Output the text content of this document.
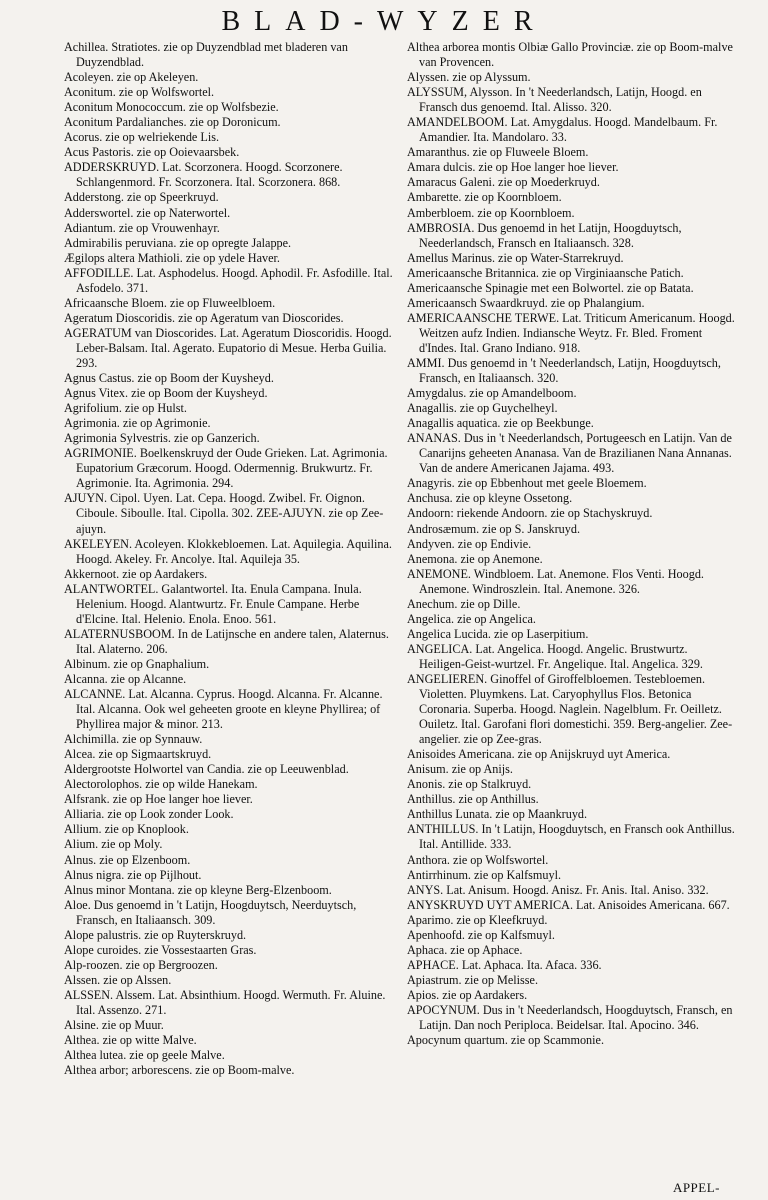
BLAD-WYZER

Achillea. Stratiotes. zie op Duyzendblad met bladeren van Duyzendblad.

Acoleyen. zie op Akeleyen.

Aconitum. zie op Wolfswortel.

Aconitum Monococcum. zie op Wolfsbezie.

Aconitum Pardalianches. zie op Doronicum.

Acorus. zie op welriekende Lis.

Acus Pastoris. zie op Ooievaarsbek.

ADDERSKRUYD. Lat. Scorzonera. Hoogd. Scorzonere. Schlangenmord. Fr. Scorzonera. Ital. Scorzonera. 868.

Adderstong. zie op Speerkruyd.

Adderswortel. zie op Naterwortel.

Adiantum. zie op Vrouwenhayr.

Admirabilis peruviana. zie op opregte Jalappe.

Ægilops altera Mathioli. zie op ydele Haver.

AFFODILLE. Lat. Asphodelus. Hoogd. Aphodil. Fr. Asfodille. Ital. Asfodelo. 371.

Africaansche Bloem. zie op Fluweelbloem.

Ageratum Dioscoridis. zie op Ageratum van Dioscorides.

AGERATUM van Dioscorides. Lat. Ageratum Dioscoridis. Hoogd. Leber-Balsam. Ital. Agerato. Eupatorio di Mesue. Herba Guilia. 293.

Agnus Castus. zie op Boom der Kuysheyd.

Agnus Vitex. zie op Boom der Kuysheyd.

Agrifolium. zie op Hulst.

Agrimonia. zie op Agrimonie.

Agrimonia Sylvestris. zie op Ganzerich.

AGRIMONIE. Boelkenskruyd der Oude Grieken. Lat. Agrimonia. Eupatorium Græcorum. Hoogd. Odermennig. Brukwurtz. Fr. Agrimonie. Ita. Agrimonia. 294.

AJUYN. Cipol. Uyen. Lat. Cepa. Hoogd. Zwibel. Fr. Oignon. Ciboule. Siboulle. Ital. Cipolla. 302. ZEE-AJUYN. zie op Zee-ajuyn.

AKELEYEN. Acoleyen. Klokkebloemen. Lat. Aquilegia. Aquilina. Hoogd. Akeley. Fr. Ancolye. Ital. Aquileja 35.

Akkernoot. zie op Aardakers.

ALANTWORTEL. Galantwortel. Ita. Enula Campana. Inula. Helenium. Hoogd. Alantwurtz. Fr. Enule Campane. Herbe d'Elcine. Ital. Helenio. Enola. Enoo. 561.

ALATERNUSBOOM. In de Latijnsche en andere talen, Alaternus. Ital. Alaterno. 206.

Albinum. zie op Gnaphalium.

Alcanna. zie op Alcanne.

ALCANNE. Lat. Alcanna. Cyprus. Hoogd. Alcanna. Fr. Alcanne. Ital. Alcanna. Ook wel geheeten groote en kleyne Phyllirea; of Phyllirea major & minor. 213.

Alchimilla. zie op Synnauw.

Alcea. zie op Sigmaartskruyd.

Aldergrootste Holwortel van Candia. zie op Leeuwenblad.

Alectorolophos. zie op wilde Hanekam.

Alfsrank. zie op Hoe langer hoe liever.

Alliaria. zie op Look zonder Look.

Allium. zie op Knoplook.

Alium. zie op Moly.

Alnus. zie op Elzenboom.

Alnus nigra. zie op Pijlhout.

Alnus minor Montana. zie op kleyne Berg-Elzenboom.

Aloe. Dus genoemd in 't Latijn, Hoogduytsch, Neerduytsch, Fransch, en Italiaansch. 309.

Alope palustris. zie op Ruyterskruyd.

Alope curoides. zie Vossestaarten Gras.

Alp-roozen. zie op Bergroozen.

Alssen. zie op Alssen.

ALSSEN. Alssem. Lat. Absinthium. Hoogd. Wermuth. Fr. Aluine. Ital. Assenzo. 271.

Alsine. zie op Muur.

Althea. zie op witte Malve.

Althea lutea. zie op geele Malve.

Althea arbor; arborescens. zie op Boom-malve.

Althea arborea montis Olbiæ Gallo Provinciæ. zie op Boom-malve van Provencen.

Alyssen. zie op Alyssum.

ALYSSUM, Alysson. In 't Neederlandsch, Latijn, Hoogd. en Fransch dus genoemd. Ital. Alisso. 320.

AMANDELBOOM. Lat. Amygdalus. Hoogd. Mandelbaum. Fr. Amandier. Ita. Mandolaro. 33.

Amaranthus. zie op Fluweele Bloem.

Amara dulcis. zie op Hoe langer hoe liever.

Amaracus Galeni. zie op Moederkruyd.

Ambarette. zie op Koornbloem.

Amberbloem. zie op Koornbloem.

AMBROSIA. Dus genoemd in het Latijn, Hoogduytsch, Neederlandsch, Fransch en Italiaansch. 328.

Amellus Marinus. zie op Water-Starrekruyd.

Americaansche Britannica. zie op Virginiaansche Patich.

Americaansche Spinagie met een Bolwortel. zie op Batata.

Americaansch Swaardkruyd. zie op Phalangium.

AMERICAANSCHE TERWE. Lat. Triticum Americanum. Hoogd. Weitzen aufz Indien. Indiansche Weytz. Fr. Bled. Froment d'Indes. Ital. Grano Indiano. 918.

AMMI. Dus genoemd in 't Neederlandsch, Latijn, Hoogduytsch, Fransch, en Italiaansch. 320.

Amygdalus. zie op Amandelboom.

Anagallis. zie op Guychelheyl.

Anagallis aquatica. zie op Beekbunge.

ANANAS. Dus in 't Neederlandsch, Portugeesch en Latijn. Van de Canarijns geheeten Ananasa. Van de Brazilianen Nana Annanas. Van de andere Americanen Jajama. 493.

Anagyris. zie op Ebbenhout met geele Bloemem.

Anchusa. zie op kleyne Ossetong.

Andoorn: riekende Andoorn. zie op Stachyskruyd.

Androsæmum. zie op S. Janskruyd.

Andyven. zie op Endivie.

Anemona. zie op Anemone.

ANEMONE. Windbloem. Lat. Anemone. Flos Venti. Hoogd. Anemone. Windroszlein. Ital. Anemone. 326.

Anechum. zie op Dille.

Angelica. zie op Angelica.

Angelica Lucida. zie op Laserpitium.

ANGELICA. Lat. Angelica. Hoogd. Angelic. Brustwurtz. Heiligen-Geist-wurtzel. Fr. Angelique. Ital. Angelica. 329.

ANGELIEREN. Ginoffel of Giroffelbloemen. Testebloemen. Violetten. Pluymkens. Lat. Caryophyllus Flos. Betonica Coronaria. Superba. Hoogd. Naglein. Nagelblum. Fr. Oeilletz. Ouiletz. Ital. Garofani flori domestichi. 359. Berg-angelier. Zee-angelier. zie op Zee-gras.

Anisoides Americana. zie op Anijskruyd uyt America.

Anisum. zie op Anijs.

Anonis. zie op Stalkruyd.

Anthillus. zie op Anthillus.

Anthillus Lunata. zie op Maankruyd.

ANTHILLUS. In 't Latijn, Hoogduytsch, en Fransch ook Anthillus. Ital. Antillide. 333.

Anthora. zie op Wolfswortel.

Antirrhinum. zie op Kalfsmuyl.

ANYS. Lat. Anisum. Hoogd. Anisz. Fr. Anis. Ital. Aniso. 332.

ANYSKRUYD UYT AMERICA. Lat. Anisoides Americana. 667.

Aparimo. zie op Kleefkruyd.

Apenhoofd. zie op Kalfsmuyl.

Aphaca. zie op Aphace.

APHACE. Lat. Aphaca. Ita. Afaca. 336.

Apiastrum. zie op Melisse.

Apios. zie op Aardakers.

APOCYNUM. Dus in 't Neederlandsch, Hoogduytsch, Fransch, en Latijn. Dan noch Periploca. Beidelsar. Ital. Apocino. 346.

Apocynum quartum. zie op Scammonie.

APPEL-
